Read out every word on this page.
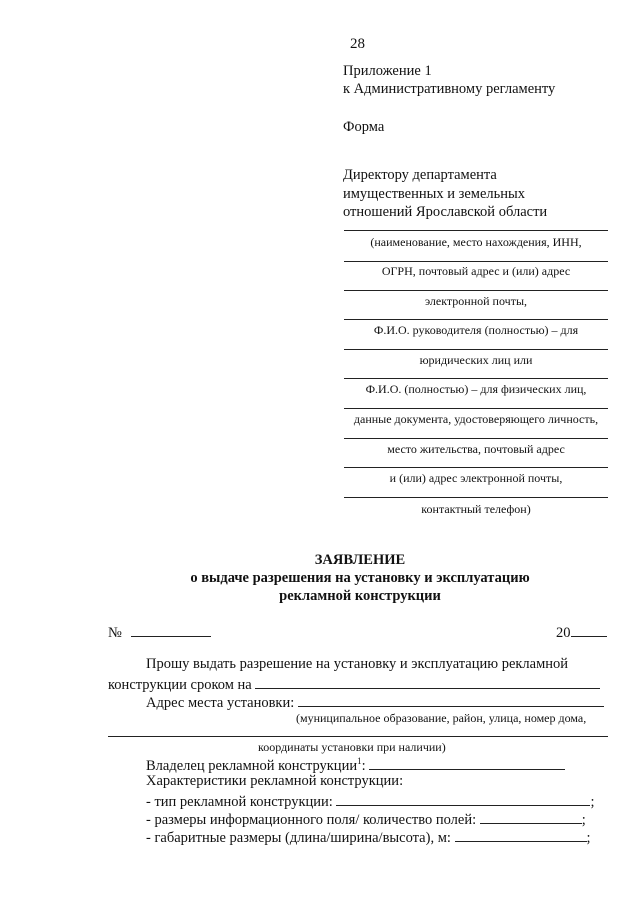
28
Приложение 1
к Административному регламенту
Форма
Директору департамента
имущественных и земельных
отношений Ярославской области
(наименование, место нахождения, ИНН,
ОГРН, почтовый адрес и (или) адрес
электронной почты,
Ф.И.О. руководителя (полностью) – для
юридических лиц или
Ф.И.О. (полностью) – для физических лиц,
данные документа, удостоверяющего личность,
место жительства, почтовый адрес
и (или) адрес электронной почты,
контактный телефон)
ЗАЯВЛЕНИЕ
о выдаче разрешения на установку и эксплуатацию
рекламной конструкции
№	20
Прошу выдать разрешение на установку и эксплуатацию рекламной
конструкции сроком на
Адрес места установки:
(муниципальное образование, район, улица, номер дома,
координаты установки при наличии)
Владелец рекламной конструкции$^1$:
Характеристики рекламной конструкции:
- тип рекламной конструкции:	;
- размеры информационного поля/ количество полей:	;
- габаритные размеры (длина/ширина/высота), м:	;
